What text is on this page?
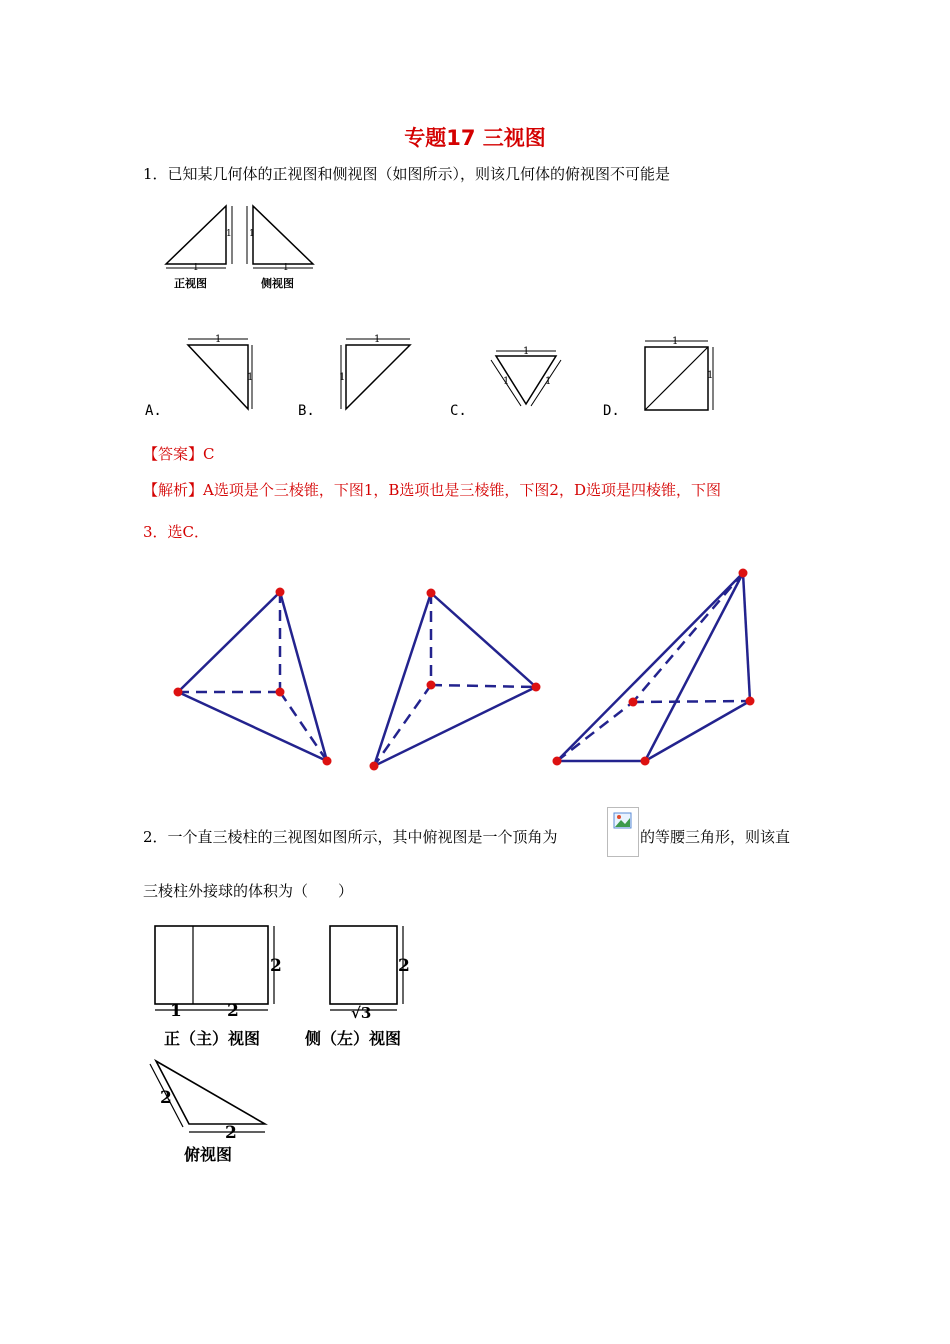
专题17 三视图
1．已知某几何体的正视图和侧视图（如图所示），则该几何体的俯视图不可能是
1
1
正视图
1
1
侧视图
A.
1
1
B.
1
1
C.
1
1	1
D.
1
1
【答案】C
【解析】A选项是个三棱锥，下图1，B选项也是三棱锥，下图2，D选项是四棱锥，下图
3．选C．
2．一个直三棱柱的三视图如图所示，其中俯视图是一个顶角为	的等腰三角形，则该直
三棱柱外接球的体积为（　　）
2
1	2
正（主）视图
2
√3
侧（左）视图
2
2
俯视图
